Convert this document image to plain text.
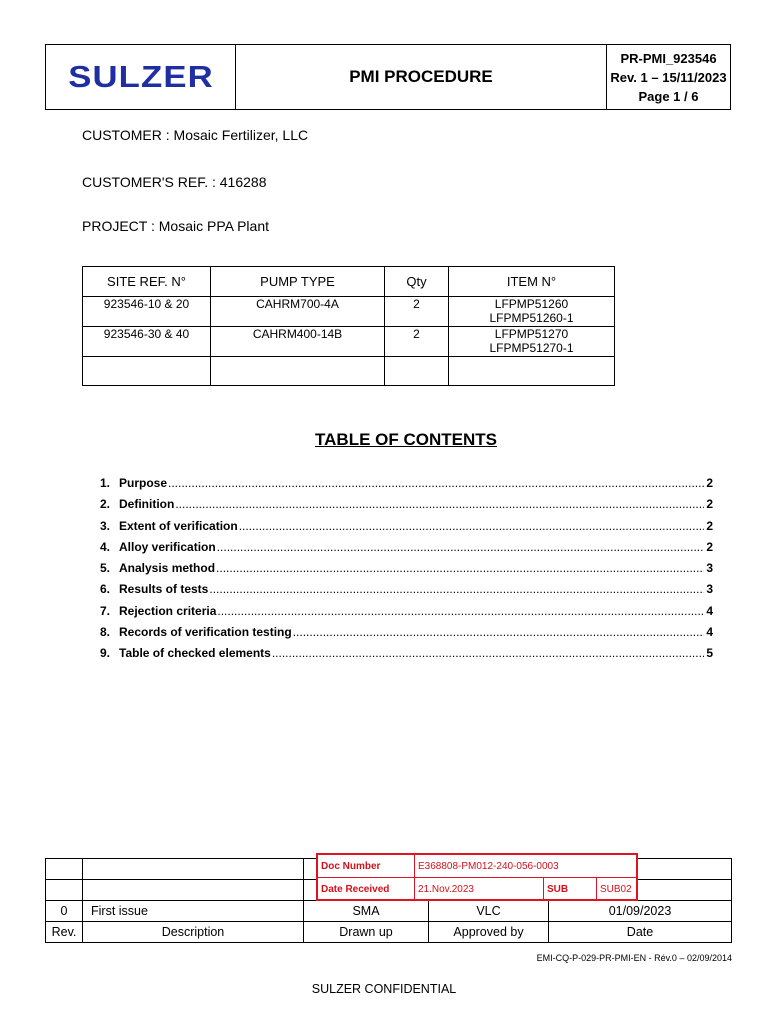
SULZER	PMI PROCEDURE
PR-PMI_923546
Rev. 1 – 15/11/2023
Page 1 / 6
CUSTOMER : Mosaic Fertilizer, LLC
CUSTOMER'S REF. : 416288
PROJECT : Mosaic PPA Plant
SITE REF. N°	PUMP TYPE	Qty	ITEM N°
923546-10 & 20	CAHRM700-4A	2	LFPMP51260
LFPMP51260-1

923546-30 & 40	CAHRM400-14B	2	LFPMP51270
LFPMP51270-1

TABLE OF CONTENTS
1. Purpose .....	2
2. Definition .....	2
3. Extent of verification .....	2
4. Alloy verification .....	2
5. Analysis method .....	3
6. Results of tests .....	3
7. Rejection criteria .....	4
8. Records of verification testing .....	4
9. Table of checked elements .....	5

0	First issue	SMA	VLC	01/09/2023
Rev.	Description	Drawn up	Approved by	Date
Doc Number	E368808-PM012-240-056-0003
Date Received	21.Nov.2023	SUB	SUB02
EMI-CQ-P-029-PR-PMI-EN - Rév.0 – 02/09/2014
SULZER CONFIDENTIAL
